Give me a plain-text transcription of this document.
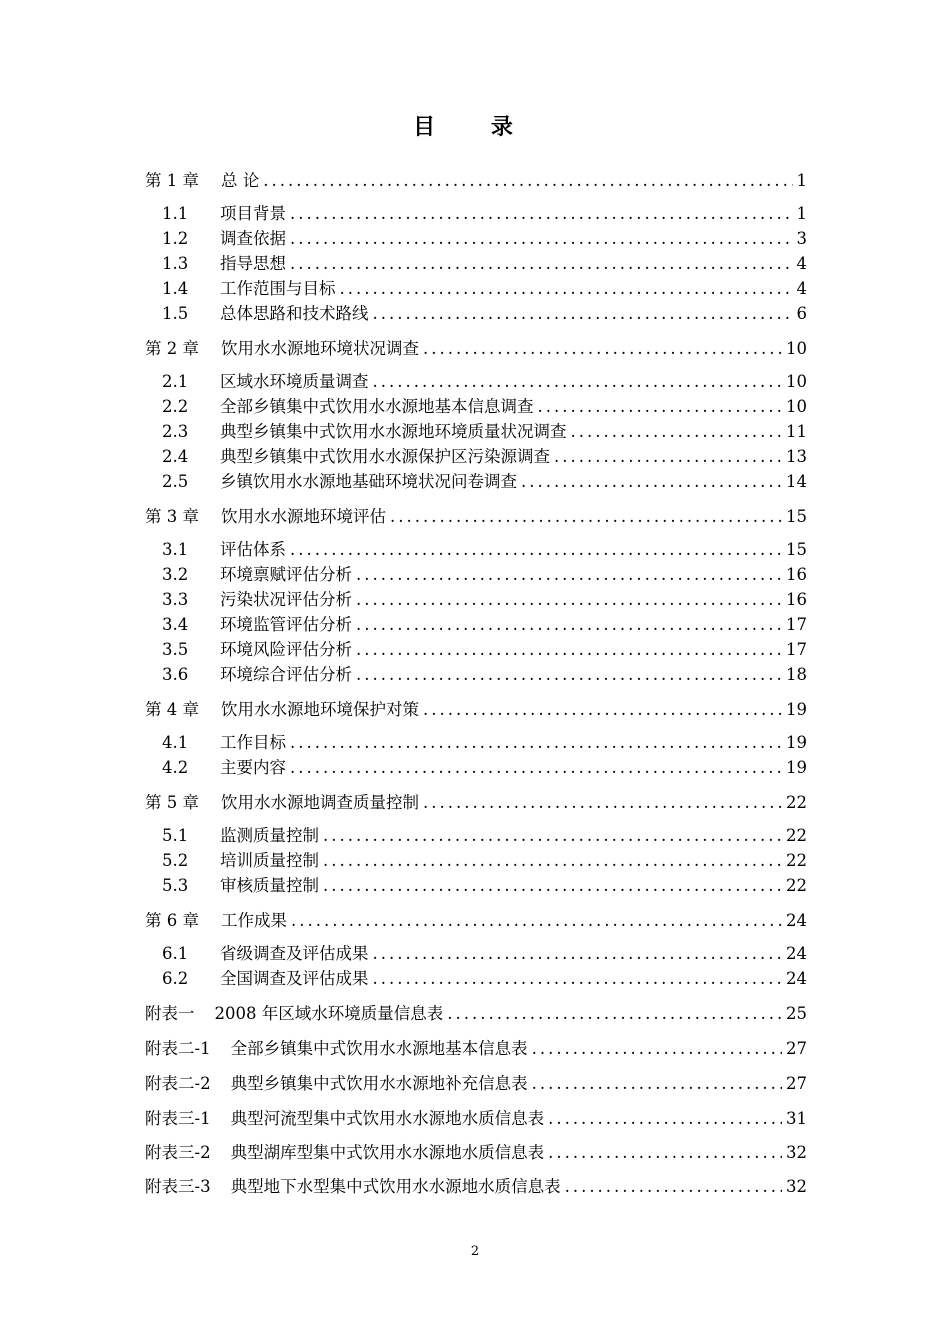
目 录
第 1 章	总 论 .....	1
1.1	项目背景 .....	1
1.2	调查依据 .....	3
1.3	指导思想 .....	4
1.4	工作范围与目标 .....	4
1.5	总体思路和技术路线 .....	6
第 2 章	饮用水水源地环境状况调查 .....	10
2.1	区域水环境质量调查 .....	10
2.2	全部乡镇集中式饮用水水源地基本信息调查 .....	10
2.3	典型乡镇集中式饮用水水源地环境质量状况调查 .....	11
2.4	典型乡镇集中式饮用水水源保护区污染源调查 .....	13
2.5	乡镇饮用水水源地基础环境状况问卷调查 .....	14
第 3 章	饮用水水源地环境评估 .....	15
3.1	评估体系 .....	15
3.2	环境禀赋评估分析 .....	16
3.3	污染状况评估分析 .....	16
3.4	环境监管评估分析 .....	17
3.5	环境风险评估分析 .....	17
3.6	环境综合评估分析 .....	18
第 4 章	饮用水水源地环境保护对策 .....	19
4.1	工作目标 .....	19
4.2	主要内容 .....	19
第 5 章	饮用水水源地调查质量控制 .....	22
5.1	监测质量控制 .....	22
5.2	培训质量控制 .....	22
5.3	审核质量控制 .....	22
第 6 章	工作成果 .....	24
6.1	省级调查及评估成果 .....	24
6.2	全国调查及评估成果 .....	24
附表一 2008 年区域水环境质量信息表 .....	25
附表二-1 全部乡镇集中式饮用水水源地基本信息表 .....	27
附表二-2 典型乡镇集中式饮用水水源地补充信息表 .....	27
附表三-1 典型河流型集中式饮用水水源地水质信息表 .....	31
附表三-2 典型湖库型集中式饮用水水源地水质信息表 .....	32
附表三-3 典型地下水型集中式饮用水水源地水质信息表 .....	32
2
